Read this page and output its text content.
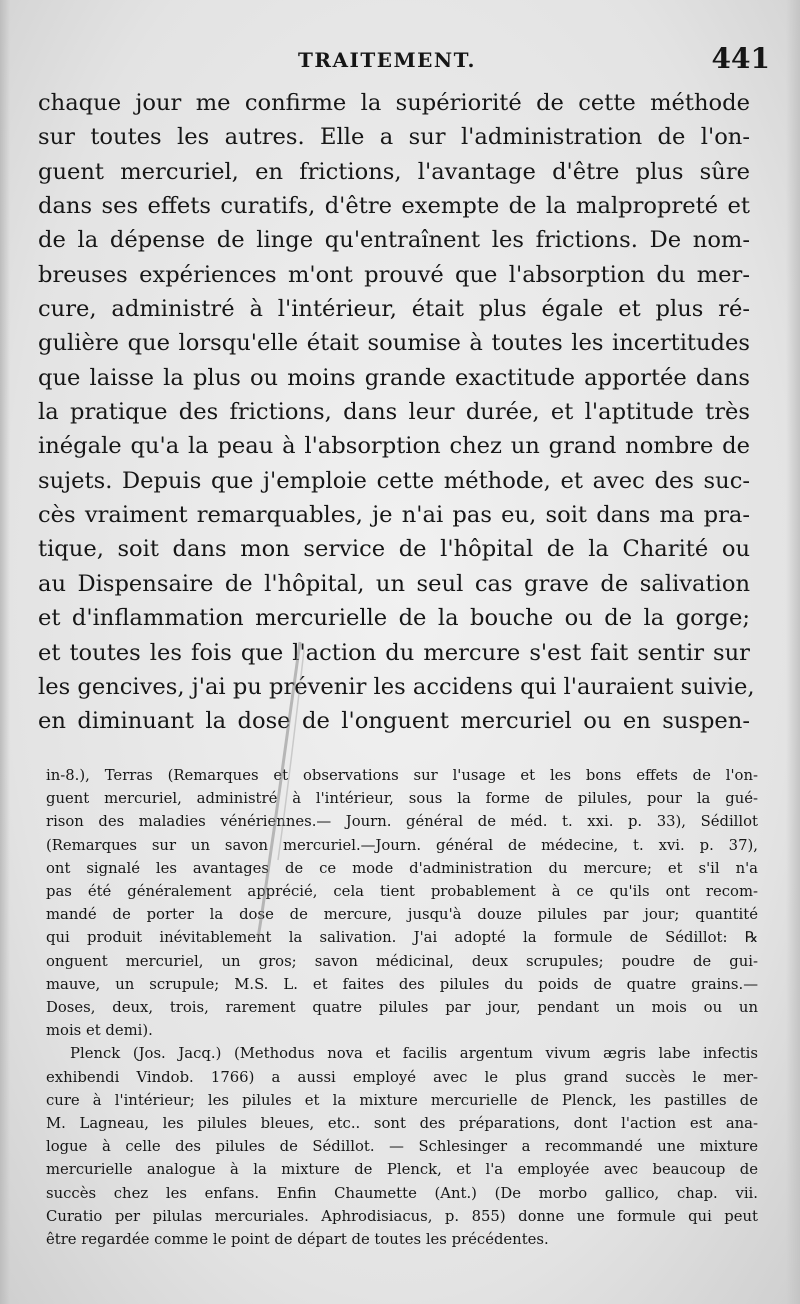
TRAITEMENT.	441
chaque jour me confirme la supériorité de cette méthode
sur toutes les autres. Elle a sur l'administration de l'on-
guent mercuriel, en frictions, l'avantage d'être plus sûre
dans ses effets curatifs, d'être exempte de la malpropreté et
de la dépense de linge qu'entraînent les frictions. De nom-
breuses expériences m'ont prouvé que l'absorption du mer-
cure, administré à l'intérieur, était plus égale et plus ré-
gulière que lorsqu'elle était soumise à toutes les incertitudes
que laisse la plus ou moins grande exactitude apportée dans
la pratique des frictions, dans leur durée, et l'aptitude très
inégale qu'a la peau à l'absorption chez un grand nombre de
sujets. Depuis que j'emploie cette méthode, et avec des suc-
cès vraiment remarquables, je n'ai pas eu, soit dans ma pra-
tique, soit dans mon service de l'hôpital de la Charité ou
au Dispensaire de l'hôpital, un seul cas grave de salivation
et d'inflammation mercurielle de la bouche ou de la gorge;
et toutes les fois que l'action du mercure s'est fait sentir sur
les gencives, j'ai pu prévenir les accidens qui l'auraient suivie,
en diminuant la dose de l'onguent mercuriel ou en suspen-
in-8.), Terras (Remarques et observations sur l'usage et les bons effets de l'on-
guent mercuriel, administré à l'intérieur, sous la forme de pilules, pour la gué-
rison des maladies vénériennes.— Journ. général de méd. t. xxi. p. 33), Sédillot
(Remarques sur un savon mercuriel.—Journ. général de médecine, t. xvi. p. 37),
ont signalé les avantages de ce mode d'administration du mercure; et s'il n'a
pas été généralement apprécié, cela tient probablement à ce qu'ils ont recom-
mandé de porter la dose de mercure, jusqu'à douze pilules par jour; quantité
qui produit inévitablement la salivation. J'ai adopté la formule de Sédillot: ℞
onguent mercuriel, un gros; savon médicinal, deux scrupules; poudre de gui-
mauve, un scrupule; M.S. L. et faites des pilules du poids de quatre grains.—
Doses, deux, trois, rarement quatre pilules par jour, pendant un mois ou un
mois et demi).
Plenck (Jos. Jacq.) (Methodus nova et facilis argentum vivum ægris labe infectis
exhibendi Vindob. 1766) a aussi employé avec le plus grand succès le mer-
cure à l'intérieur; les pilules et la mixture mercurielle de Plenck, les pastilles de
M. Lagneau, les pilules bleues, etc.. sont des préparations, dont l'action est ana-
logue à celle des pilules de Sédillot. — Schlesinger a recommandé une mixture
mercurielle analogue à la mixture de Plenck, et l'a employée avec beaucoup de
succès chez les enfans. Enfin Chaumette (Ant.) (De morbo gallico, chap. vii.
Curatio per pilulas mercuriales. Aphrodisiacus, p. 855) donne une formule qui peut
être regardée comme le point de départ de toutes les précédentes.
